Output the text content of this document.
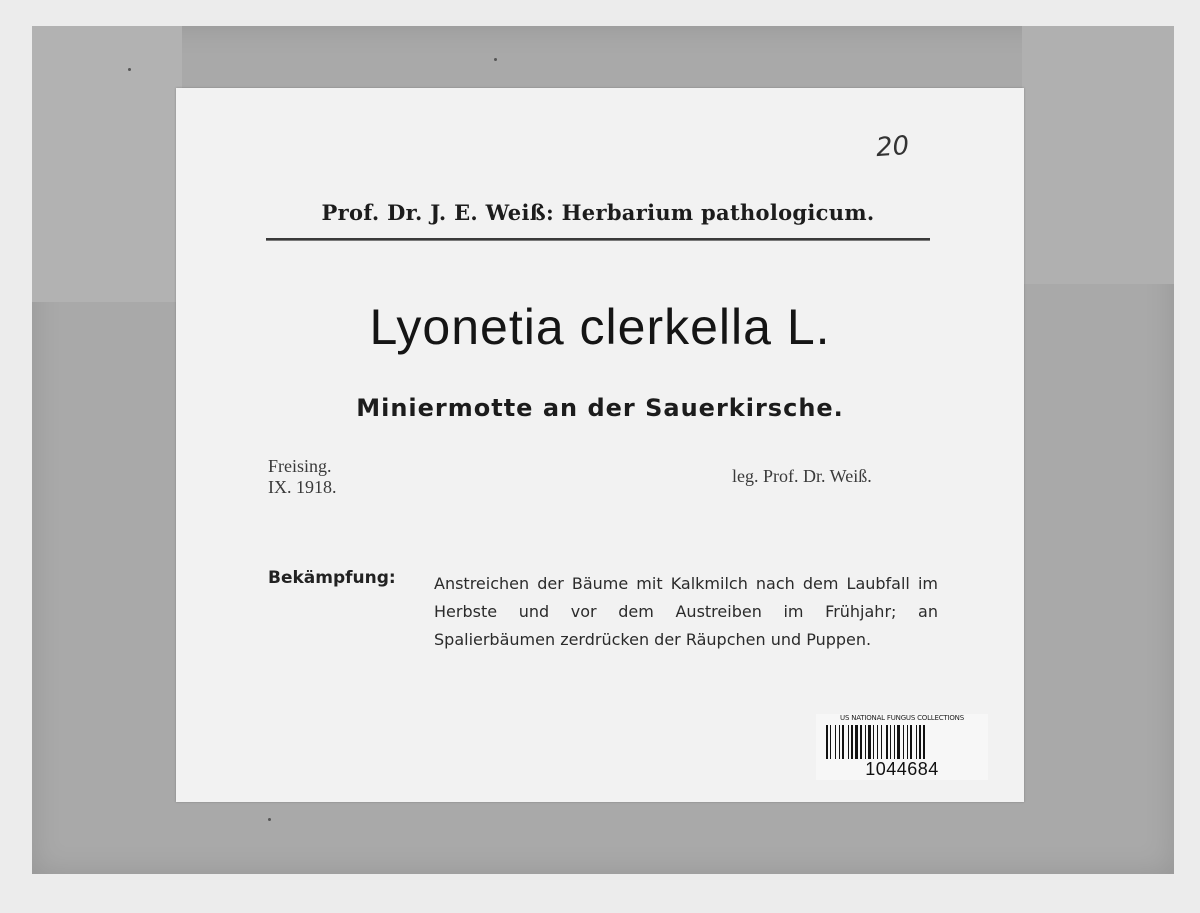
20
Prof. Dr. J. E. Weiß: Herbarium pathologicum.
Lyonetia clerkella L.
Miniermotte an der Sauerkirsche.
Freising.
IX. 1918.
leg. Prof. Dr. Weiß.
Bekämpfung: Anstreichen der Bäume mit Kalkmilch nach dem Laubfall im Herbste und vor dem Austreiben im Frühjahr; an Spalierbäumen zerdrücken der Räupchen und Puppen.
US NATIONAL FUNGUS COLLECTIONS
1044684
